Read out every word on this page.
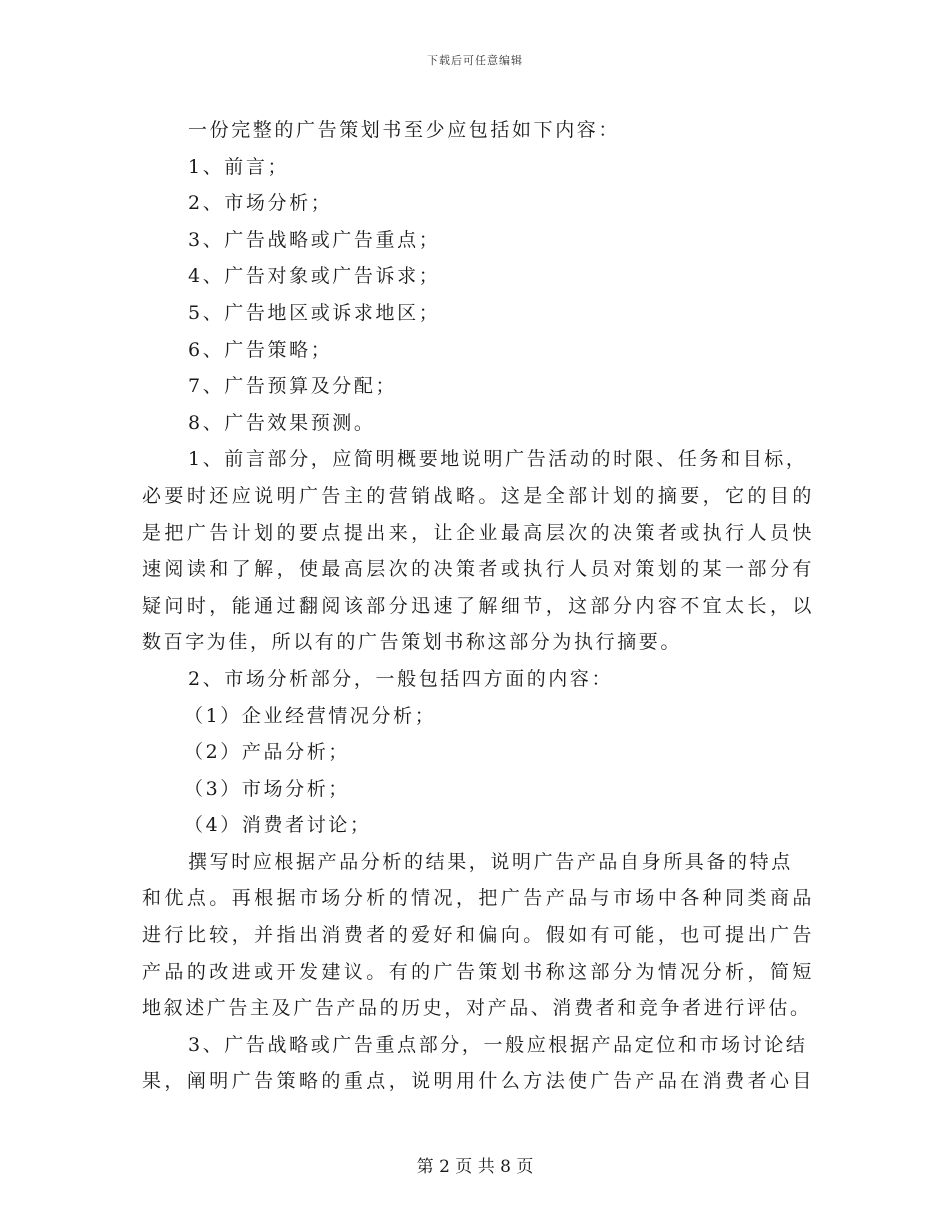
下载后可任意编辑
一份完整的广告策划书至少应包括如下内容：
1、前言；
2、市场分析；
3、广告战略或广告重点；
4、广告对象或广告诉求；
5、广告地区或诉求地区；
6、广告策略；
7、广告预算及分配；
8、广告效果预测。
1、前言部分，应简明概要地说明广告活动的时限、任务和目标，
必要时还应说明广告主的营销战略。这是全部计划的摘要，它的目的
是把广告计划的要点提出来，让企业最高层次的决策者或执行人员快
速阅读和了解，使最高层次的决策者或执行人员对策划的某一部分有
疑问时，能通过翻阅该部分迅速了解细节，这部分内容不宜太长，以
数百字为佳，所以有的广告策划书称这部分为执行摘要。
2、市场分析部分，一般包括四方面的内容：
（1）企业经营情况分析；
（2）产品分析；
（3）市场分析；
（4）消费者讨论；
撰写时应根据产品分析的结果，说明广告产品自身所具备的特点
和优点。再根据市场分析的情况，把广告产品与市场中各种同类商品
进行比较，并指出消费者的爱好和偏向。假如有可能，也可提出广告
产品的改进或开发建议。有的广告策划书称这部分为情况分析，简短
地叙述广告主及广告产品的历史，对产品、消费者和竞争者进行评估。
3、广告战略或广告重点部分，一般应根据产品定位和市场讨论结
果，阐明广告策略的重点，说明用什么方法使广告产品在消费者心目
第 2 页 共 8 页
